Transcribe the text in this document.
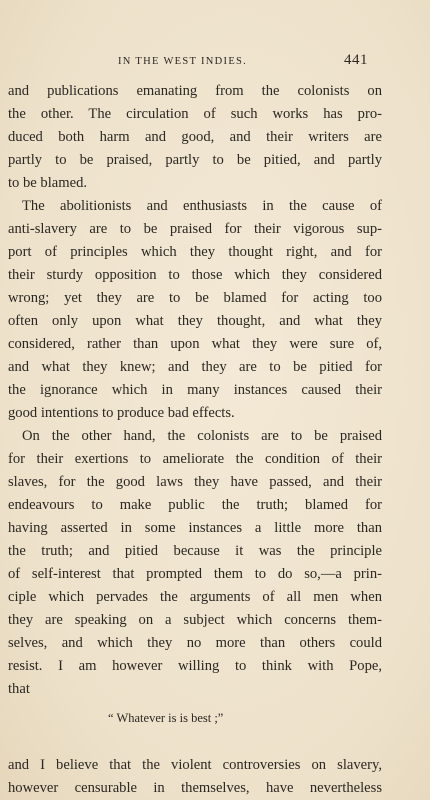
IN THE WEST INDIES.	441
and publications emanating from the colonists on
the other. The circulation of such works has pro-
duced both harm and good, and their writers are
partly to be praised, partly to be pitied, and partly
to be blamed.
The abolitionists and enthusiasts in the cause of
anti-slavery are to be praised for their vigorous sup-
port of principles which they thought right, and for
their sturdy opposition to those which they considered
wrong; yet they are to be blamed for acting too
often only upon what they thought, and what they
considered, rather than upon what they were sure of,
and what they knew; and they are to be pitied for
the ignorance which in many instances caused their
good intentions to produce bad effects.
On the other hand, the colonists are to be praised
for their exertions to ameliorate the condition of their
slaves, for the good laws they have passed, and their
endeavours to make public the truth; blamed for
having asserted in some instances a little more than
the truth; and pitied because it was the principle
of self-interest that prompted them to do so,—a prin-
ciple which pervades the arguments of all men when
they are speaking on a subject which concerns them-
selves, and which they no more than others could
resist. I am however willing to think with Pope,
that
“ Whatever is is best ;”
and I believe that the violent controversies on slavery,
however censurable in themselves, have nevertheless
